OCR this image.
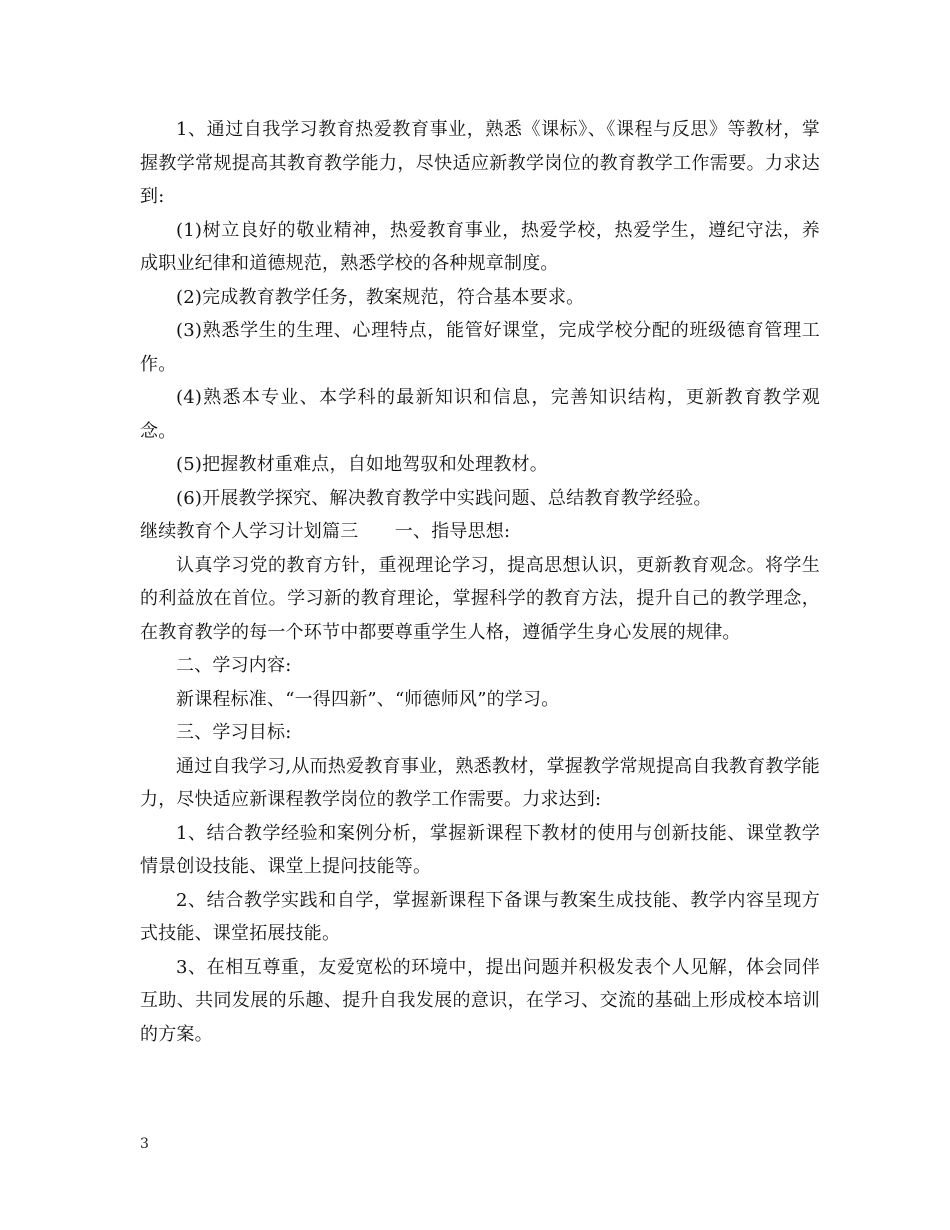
1、通过自我学习教育热爱教育事业，熟悉《课标》、《课程与反思》等教材，掌握教学常规提高其教育教学能力，尽快适应新教学岗位的教育教学工作需要。力求达到:

(1)树立良好的敬业精神，热爱教育事业，热爱学校，热爱学生，遵纪守法，养成职业纪律和道德规范，熟悉学校的各种规章制度。

(2)完成教育教学任务，教案规范，符合基本要求。

(3)熟悉学生的生理、心理特点，能管好课堂，完成学校分配的班级德育管理工作。

(4)熟悉本专业、本学科的最新知识和信息，完善知识结构，更新教育教学观念。

(5)把握教材重难点，自如地驾驭和处理教材。

(6)开展教学探究、解决教育教学中实践问题、总结教育教学经验。

继续教育个人学习计划篇三　　一、指导思想:

认真学习党的教育方针，重视理论学习，提高思想认识，更新教育观念。将学生的利益放在首位。学习新的教育理论，掌握科学的教育方法，提升自己的教学理念，在教育教学的每一个环节中都要尊重学生人格，遵循学生身心发展的规律。

二、学习内容:

新课程标准、“一得四新”、“师德师风”的学习。

三、学习目标:

通过自我学习,从而热爱教育事业，熟悉教材，掌握教学常规提高自我教育教学能力，尽快适应新课程教学岗位的教学工作需要。力求达到:

1、结合教学经验和案例分析，掌握新课程下教材的使用与创新技能、课堂教学情景创设技能、课堂上提问技能等。

2、结合教学实践和自学，掌握新课程下备课与教案生成技能、教学内容呈现方式技能、课堂拓展技能。

3、在相互尊重，友爱宽松的环境中，提出问题并积极发表个人见解，体会同伴互助、共同发展的乐趣、提升自我发展的意识，在学习、交流的基础上形成校本培训的方案。

3
